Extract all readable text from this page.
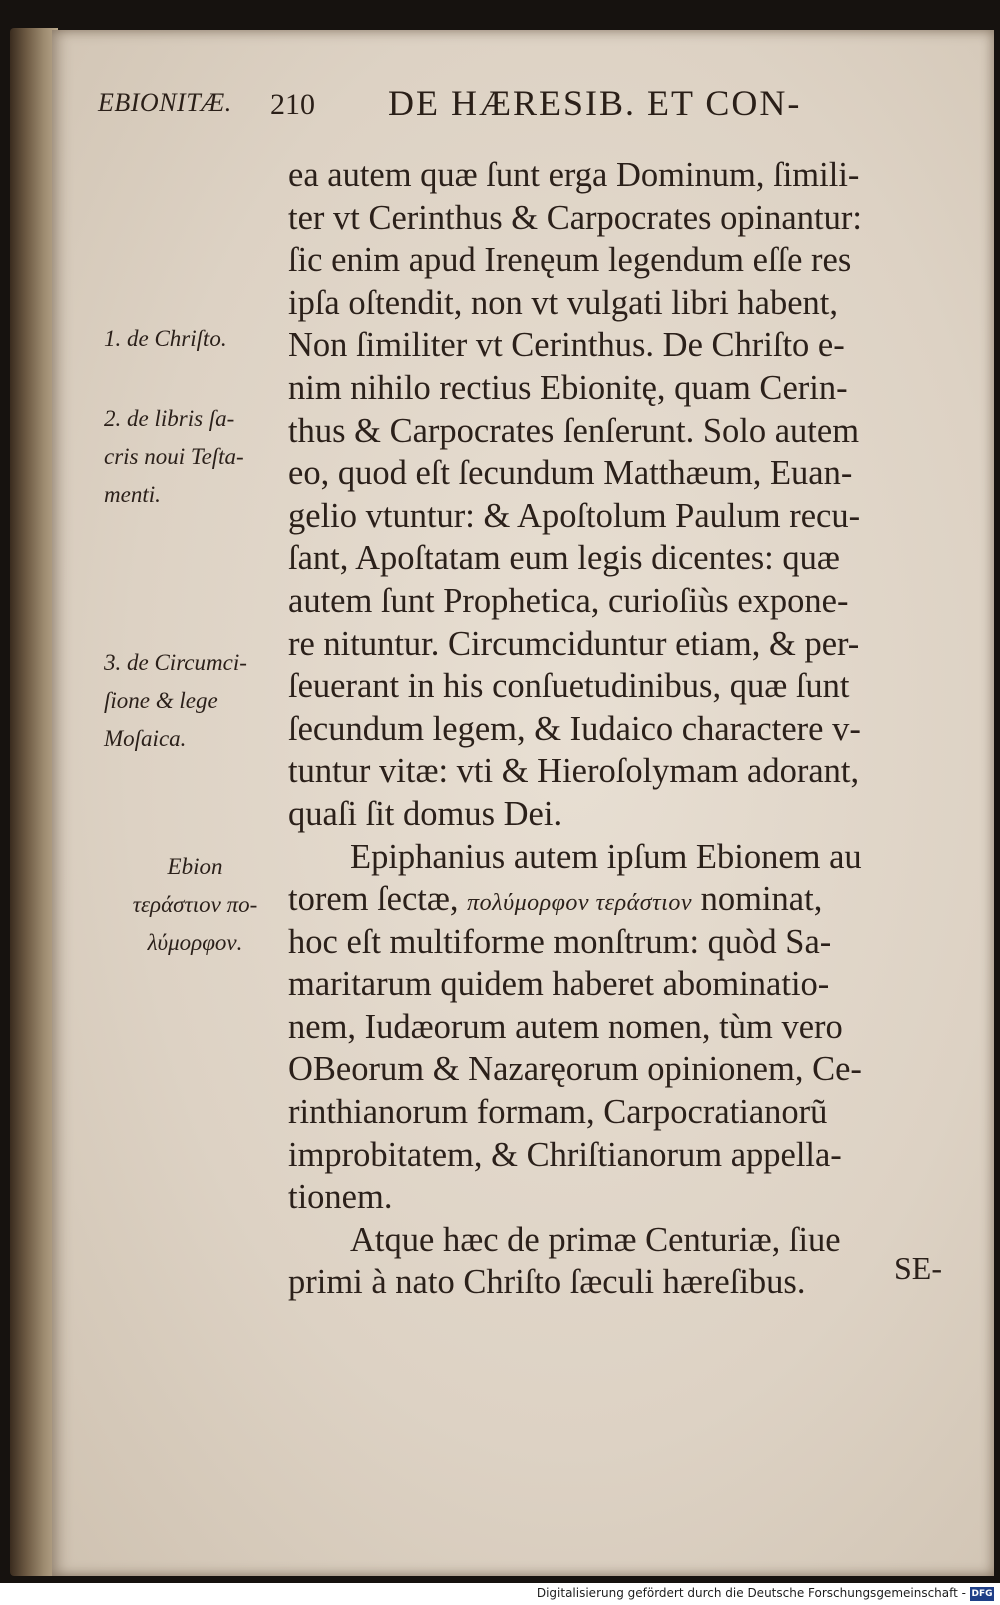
EBIONITÆ. 210 DE HÆRESIB. ET CON-
ea autem quæ ſunt erga Dominum, ſimili-
ter vt Cerinthus & Carpocrates opinantur:
ſic enim apud Irenęum legendum eſſe res
ipſa oſtendit, non vt vulgati libri habent,
Non ſimiliter vt Cerinthus. De Chriſto e-
nim nihilo rectius Ebionitę, quam Cerin-
thus & Carpocrates ſenſerunt. Solo autem
eo, quod eſt ſecundum Matthæum, Euan-
gelio vtuntur: & Apoſtolum Paulum recu-
ſant, Apoſtatam eum legis dicentes: quæ
autem ſunt Prophetica, curioſiùs expone-
re nituntur. Circumciduntur etiam, & per-
ſeuerant in his conſuetudinibus, quæ ſunt
ſecundum legem, & Iudaico charactere v-
tuntur vitæ: vti & Hieroſolymam adorant,
quaſi ſit domus Dei.
Epiphanius autem ipſum Ebionem au
torem ſectæ, πολύμορφον τεράστιον nominat,
hoc eſt multiforme monſtrum: quòd Sa-
maritarum quidem haberet abominatio-
nem, Iudæorum autem nomen, tùm vero
OBeorum & Nazaręorum opinionem, Ce-
rinthianorum formam, Carpocratianorũ
improbitatem, & Chriſtianorum appella-
tionem.
Atque hæc de primæ Centuriæ, ſiue
primi à nato Chriſto ſæculi hæreſibus.
1. de Chriſto.
2. de libris ſa-
cris noui Teſta-
menti.
3. de Circumci-
ſione & lege
Moſaica.
Ebion
τεράστιον πο-
λύμορφον.
SE-
Digitalisierung gefördert durch die Deutsche Forschungsgemeinschaft - DFG
